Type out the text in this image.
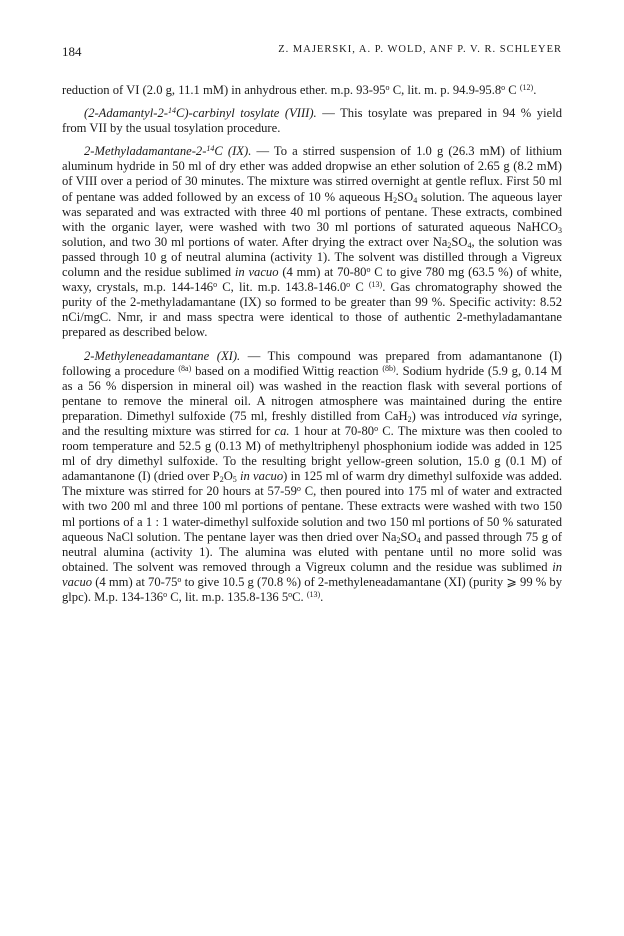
184	Z. MAJERSKI, A. P. WOLD, ANF P. V. R. SCHLEYER

reduction of VI (2.0 g, 11.1 mM) in anhydrous ether. m.p. 93-95$^o$ C, lit. m. p. 94.9-95.8$^o$ C $^{(12)}$.

(2-Adamantyl-2-$^{14}$C)-carbinyl tosylate (VIII). — This tosylate was prepared in 94 % yield from VII by the usual tosylation procedure.

2-Methyladamantane-2-$^{14}$C (IX). — To a stirred suspension of 1.0 g (26.3 mM) of lithium aluminum hydride in 50 ml of dry ether was added dropwise an ether solution of 2.65 g (8.2 mM) of VIII over a period of 30 minutes. The mixture was stirred overnight at gentle reflux. First 50 ml of pentane was added followed by an excess of 10 % aqueous $H_2SO_4$ solution. The aqueous layer was separated and was extracted with three 40 ml portions of pentane. These extracts, combined with the organic layer, were washed with two 30 ml portions of saturated aqueous NaHCO$_3$ solution, and two 30 ml portions of water. After drying the extract over $Na_2SO_4$, the solution was passed through 10 g of neutral alumina (activity 1). The solvent was distilled through a Vigreux column and the residue sublimed in vacuo (4 mm) at 70-80$^o$ C to give 780 mg (63.5 %) of white, waxy, crystals, m.p. 144-146$^o$ C, lit. m.p. 143.8-146.0$^o$ C $^{(13)}$. Gas chromatography showed the purity of the 2-methyladamantane (IX) so formed to be greater than 99 %. Specific activity: 8.52 nCi/mgC. Nmr, ir and mass spectra were identical to those of authentic 2-methyladamantane prepared as described below.

2-Methyleneadamantane (XI). — This compound was prepared from adamantanone (I) following a procedure $^{(8a)}$ based on a modified Wittig reaction $^{(8b)}$. Sodium hydride (5.9 g, 0.14 M as a 56 % dispersion in mineral oil) was washed in the reaction flask with several portions of pentane to remove the mineral oil. A nitrogen atmosphere was maintained during the entire preparation. Dimethyl sulfoxide (75 ml, freshly distilled from CaH$_2$) was introduced via syringe, and the resulting mixture was stirred for ca. 1 hour at 70-80$^o$ C. The mixture was then cooled to room temperature and 52.5 g (0.13 M) of methyltriphenyl phosphonium iodide was added in 125 ml of dry dimethyl sulfoxide. To the resulting bright yellow-green solution, 15.0 g (0.1 M) of adamantanone (I) (dried over $P_2O_5$ in vacuo) in 125 ml of warm dry dimethyl sulfoxide was added. The mixture was stirred for 20 hours at 57-59$^o$ C, then poured into 175 ml of water and extracted with two 200 ml and three 100 ml portions of pentane. These extracts were washed with two 150 ml portions of a 1 : 1 water-dimethyl sulfoxide solution and two 150 ml portions of 50 % saturated aqueous NaCl solution. The pentane layer was then dried over $Na_2SO_4$ and passed through 75 g of neutral alumina (activity 1). The alumina was eluted with pentane until no more solid was obtained. The solvent was removed through a Vigreux column and the residue was sublimed in vacuo (4 mm) at 70-75$^o$ to give 10.5 g (70.8 %) of 2-methyleneadamantane (XI) (purity ⩾ 99 % by glpc). M.p. 134-136$^o$ C, lit. m.p. 135.8-136 5$^o$C. $^{(13)}$.
